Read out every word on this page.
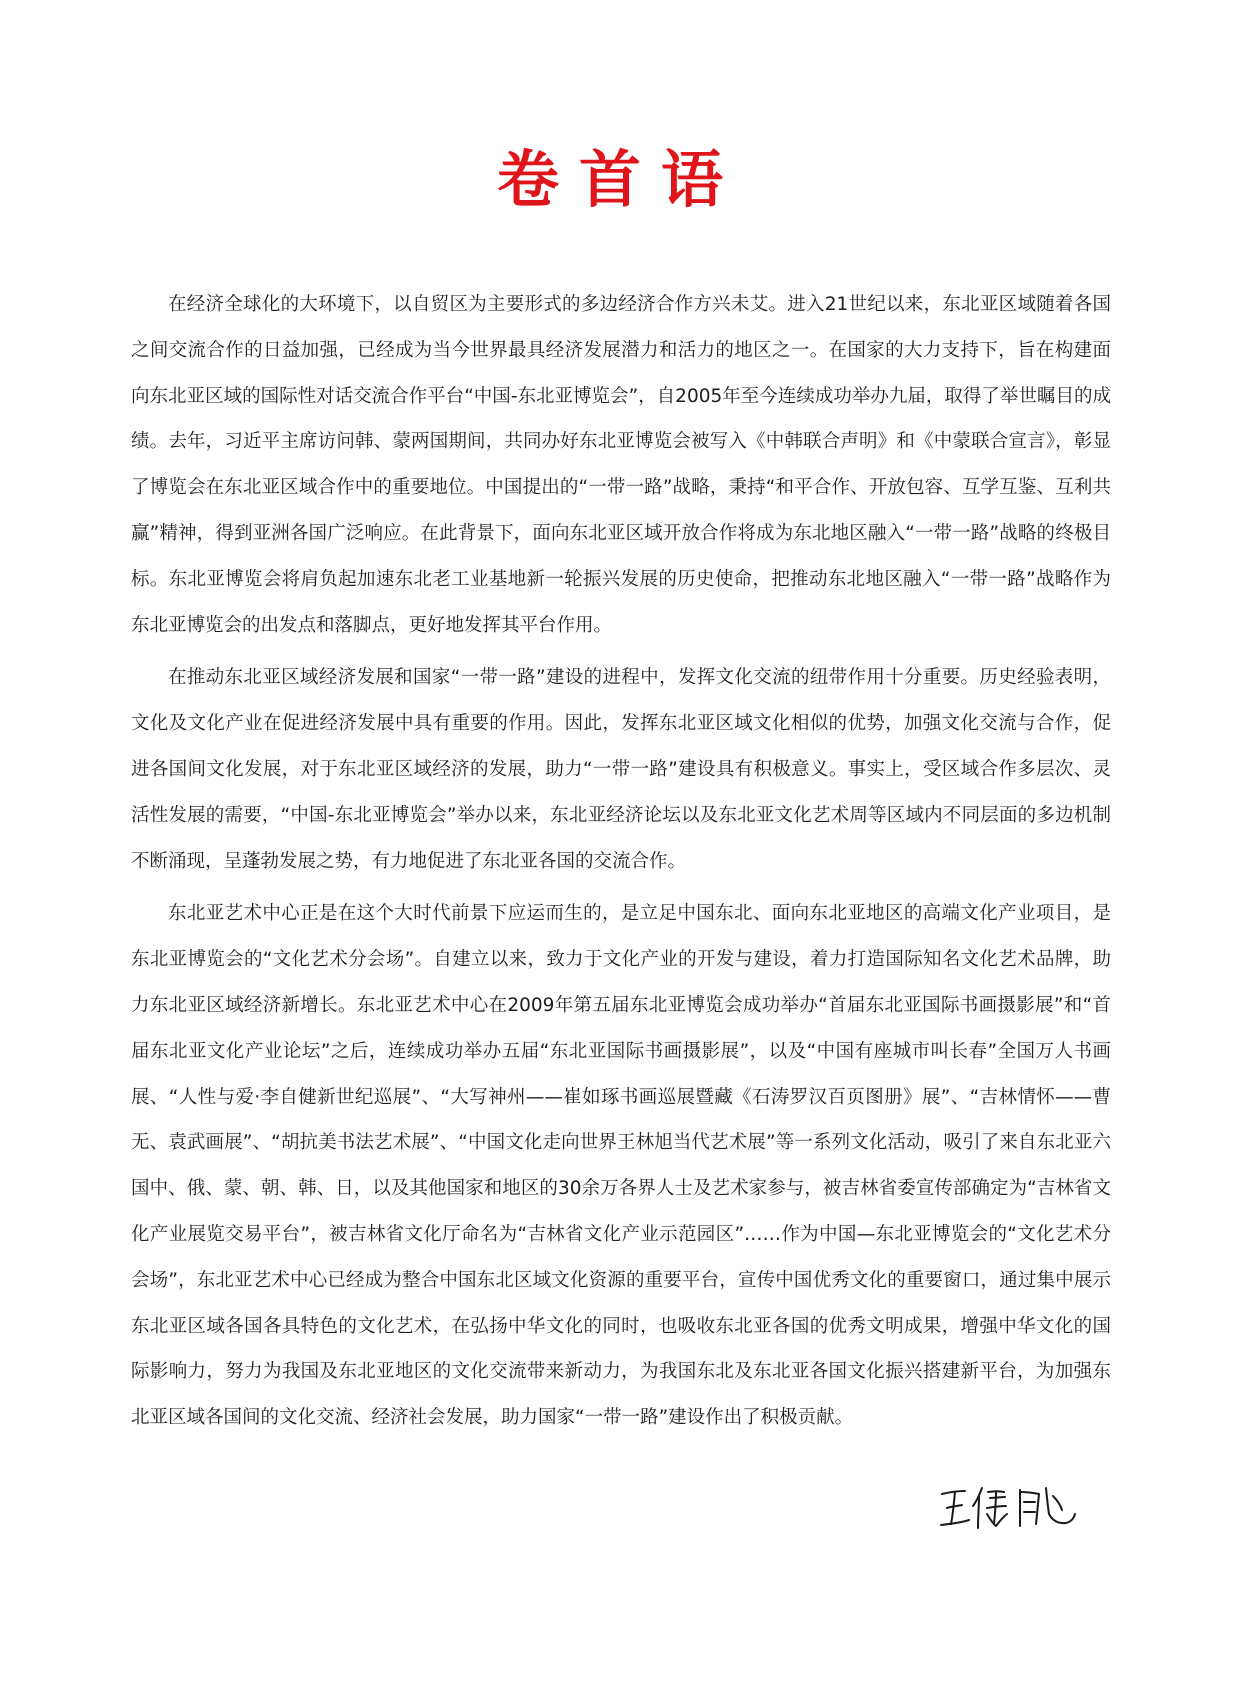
卷首语

在经济全球化的大环境下，以自贸区为主要形式的多边经济合作方兴未艾。进入21世纪以来，东北亚区域随着各国之间交流合作的日益加强，已经成为当今世界最具经济发展潜力和活力的地区之一。在国家的大力支持下，旨在构建面向东北亚区域的国际性对话交流合作平台“中国-东北亚博览会”，自2005年至今连续成功举办九届，取得了举世瞩目的成绩。去年，习近平主席访问韩、蒙两国期间，共同办好东北亚博览会被写入《中韩联合声明》和《中蒙联合宣言》，彰显了博览会在东北亚区域合作中的重要地位。中国提出的“一带一路”战略，秉持“和平合作、开放包容、互学互鉴、互利共赢”精神，得到亚洲各国广泛响应。在此背景下，面向东北亚区域开放合作将成为东北地区融入“一带一路”战略的终极目标。东北亚博览会将肩负起加速东北老工业基地新一轮振兴发展的历史使命，把推动东北地区融入“一带一路”战略作为东北亚博览会的出发点和落脚点，更好地发挥其平台作用。

在推动东北亚区域经济发展和国家“一带一路”建设的进程中，发挥文化交流的纽带作用十分重要。历史经验表明，文化及文化产业在促进经济发展中具有重要的作用。因此，发挥东北亚区域文化相似的优势，加强文化交流与合作，促进各国间文化发展，对于东北亚区域经济的发展，助力“一带一路”建设具有积极意义。事实上，受区域合作多层次、灵活性发展的需要，“中国-东北亚博览会”举办以来，东北亚经济论坛以及东北亚文化艺术周等区域内不同层面的多边机制不断涌现，呈蓬勃发展之势，有力地促进了东北亚各国的交流合作。

东北亚艺术中心正是在这个大时代前景下应运而生的，是立足中国东北、面向东北亚地区的高端文化产业项目，是东北亚博览会的“文化艺术分会场”。自建立以来，致力于文化产业的开发与建设，着力打造国际知名文化艺术品牌，助力东北亚区域经济新增长。东北亚艺术中心在2009年第五届东北亚博览会成功举办“首届东北亚国际书画摄影展”和“首届东北亚文化产业论坛”之后，连续成功举办五届“东北亚国际书画摄影展”，以及“中国有座城市叫长春”全国万人书画展、“人性与爱·李自健新世纪巡展”、“大写神州——崔如琢书画巡展暨藏《石涛罗汉百页图册》展”、“吉林情怀——曹无、袁武画展”、“胡抗美书法艺术展”、“中国文化走向世界王林旭当代艺术展”等一系列文化活动，吸引了来自东北亚六国中、俄、蒙、朝、韩、日，以及其他国家和地区的30余万各界人士及艺术家参与，被吉林省委宣传部确定为“吉林省文化产业展览交易平台”，被吉林省文化厅命名为“吉林省文化产业示范园区”……作为中国—东北亚博览会的“文化艺术分会场”，东北亚艺术中心已经成为整合中国东北区域文化资源的重要平台，宣传中国优秀文化的重要窗口，通过集中展示东北亚区域各国各具特色的文化艺术，在弘扬中华文化的同时，也吸收东北亚各国的优秀文明成果，增强中华文化的国际影响力，努力为我国及东北亚地区的文化交流带来新动力，为我国东北及东北亚各国文化振兴搭建新平台，为加强东北亚区域各国间的文化交流、经济社会发展，助力国家“一带一路”建设作出了积极贡献。
